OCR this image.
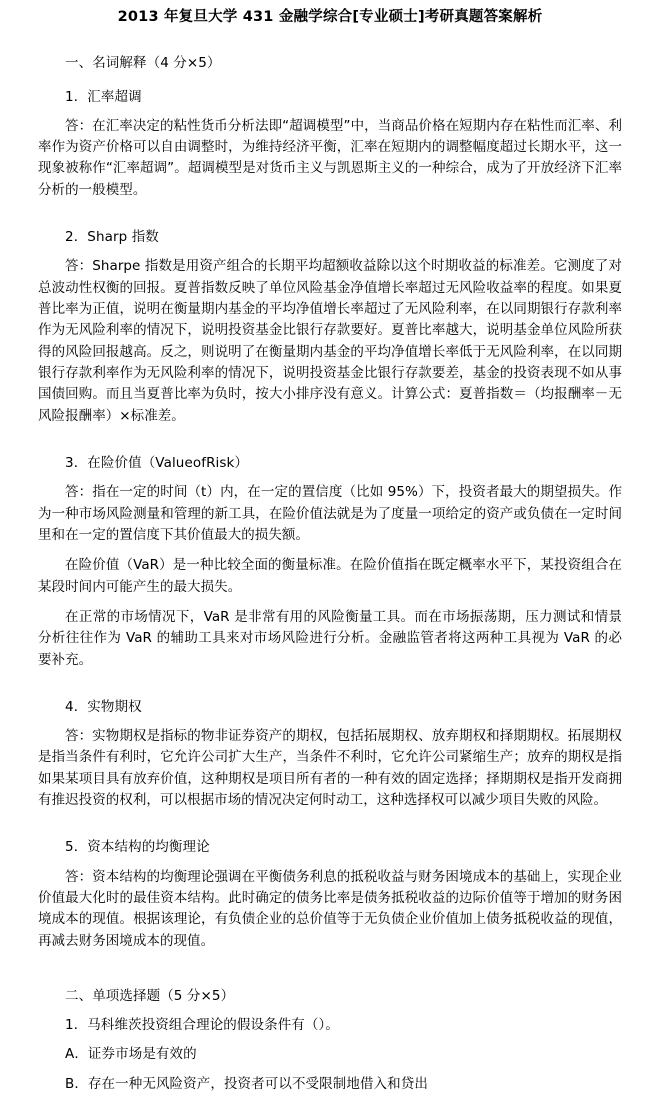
2013 年复旦大学 431 金融学综合[专业硕士]考研真题答案解析

一、名词解释（4 分×5）

1．汇率超调

答：在汇率决定的粘性货币分析法即“超调模型”中，当商品价格在短期内存在粘性而汇率、利率作为资产价格可以自由调整时，为维持经济平衡，汇率在短期内的调整幅度超过长期水平，这一现象被称作“汇率超调”。超调模型是对货币主义与凯恩斯主义的一种综合，成为了开放经济下汇率分析的一般模型。

2．Sharp 指数

答：Sharpe 指数是用资产组合的长期平均超额收益除以这个时期收益的标准差。它测度了对总波动性权衡的回报。夏普指数反映了单位风险基金净值增长率超过无风险收益率的程度。如果夏普比率为正值，说明在衡量期内基金的平均净值增长率超过了无风险利率，在以同期银行存款利率作为无风险利率的情况下，说明投资基金比银行存款要好。夏普比率越大，说明基金单位风险所获得的风险回报越高。反之，则说明了在衡量期内基金的平均净值增长率低于无风险利率，在以同期银行存款利率作为无风险利率的情况下，说明投资基金比银行存款要差，基金的投资表现不如从事国债回购。而且当夏普比率为负时，按大小排序没有意义。计算公式：夏普指数＝（均报酬率－无风险报酬率）×标准差。

3．在险价值（ValueofRisk）

答：指在一定的时间（t）内，在一定的置信度（比如 95%）下，投资者最大的期望损失。作为一种市场风险测量和管理的新工具，在险价值法就是为了度量一项给定的资产或负债在一定时间里和在一定的置信度下其价值最大的损失额。

在险价值（VaR）是一种比较全面的衡量标准。在险价值指在既定概率水平下，某投资组合在某段时间内可能产生的最大损失。

在正常的市场情况下，VaR 是非常有用的风险衡量工具。而在市场振荡期，压力测试和情景分析往往作为 VaR 的辅助工具来对市场风险进行分析。金融监管者将这两种工具视为 VaR 的必要补充。

4．实物期权

答：实物期权是指标的物非证券资产的期权，包括拓展期权、放弃期权和择期期权。拓展期权是指当条件有利时，它允许公司扩大生产，当条件不利时，它允许公司紧缩生产；放弃的期权是指如果某项目具有放弃价值，这种期权是项目所有者的一种有效的固定选择；择期期权是指开发商拥有推迟投资的权利，可以根据市场的情况决定何时动工，这种选择权可以减少项目失败的风险。

5．资本结构的均衡理论

答：资本结构的均衡理论强调在平衡债务利息的抵税收益与财务困境成本的基础上，实现企业价值最大化时的最佳资本结构。此时确定的债务比率是债务抵税收益的边际价值等于增加的财务困境成本的现值。根据该理论，有负债企业的总价值等于无负债企业价值加上债务抵税收益的现值，再减去财务困境成本的现值。

二、单项选择题（5 分×5）

1．马科维茨投资组合理论的假设条件有（）。

A．证券市场是有效的

B．存在一种无风险资产，投资者可以不受限制地借入和贷出
